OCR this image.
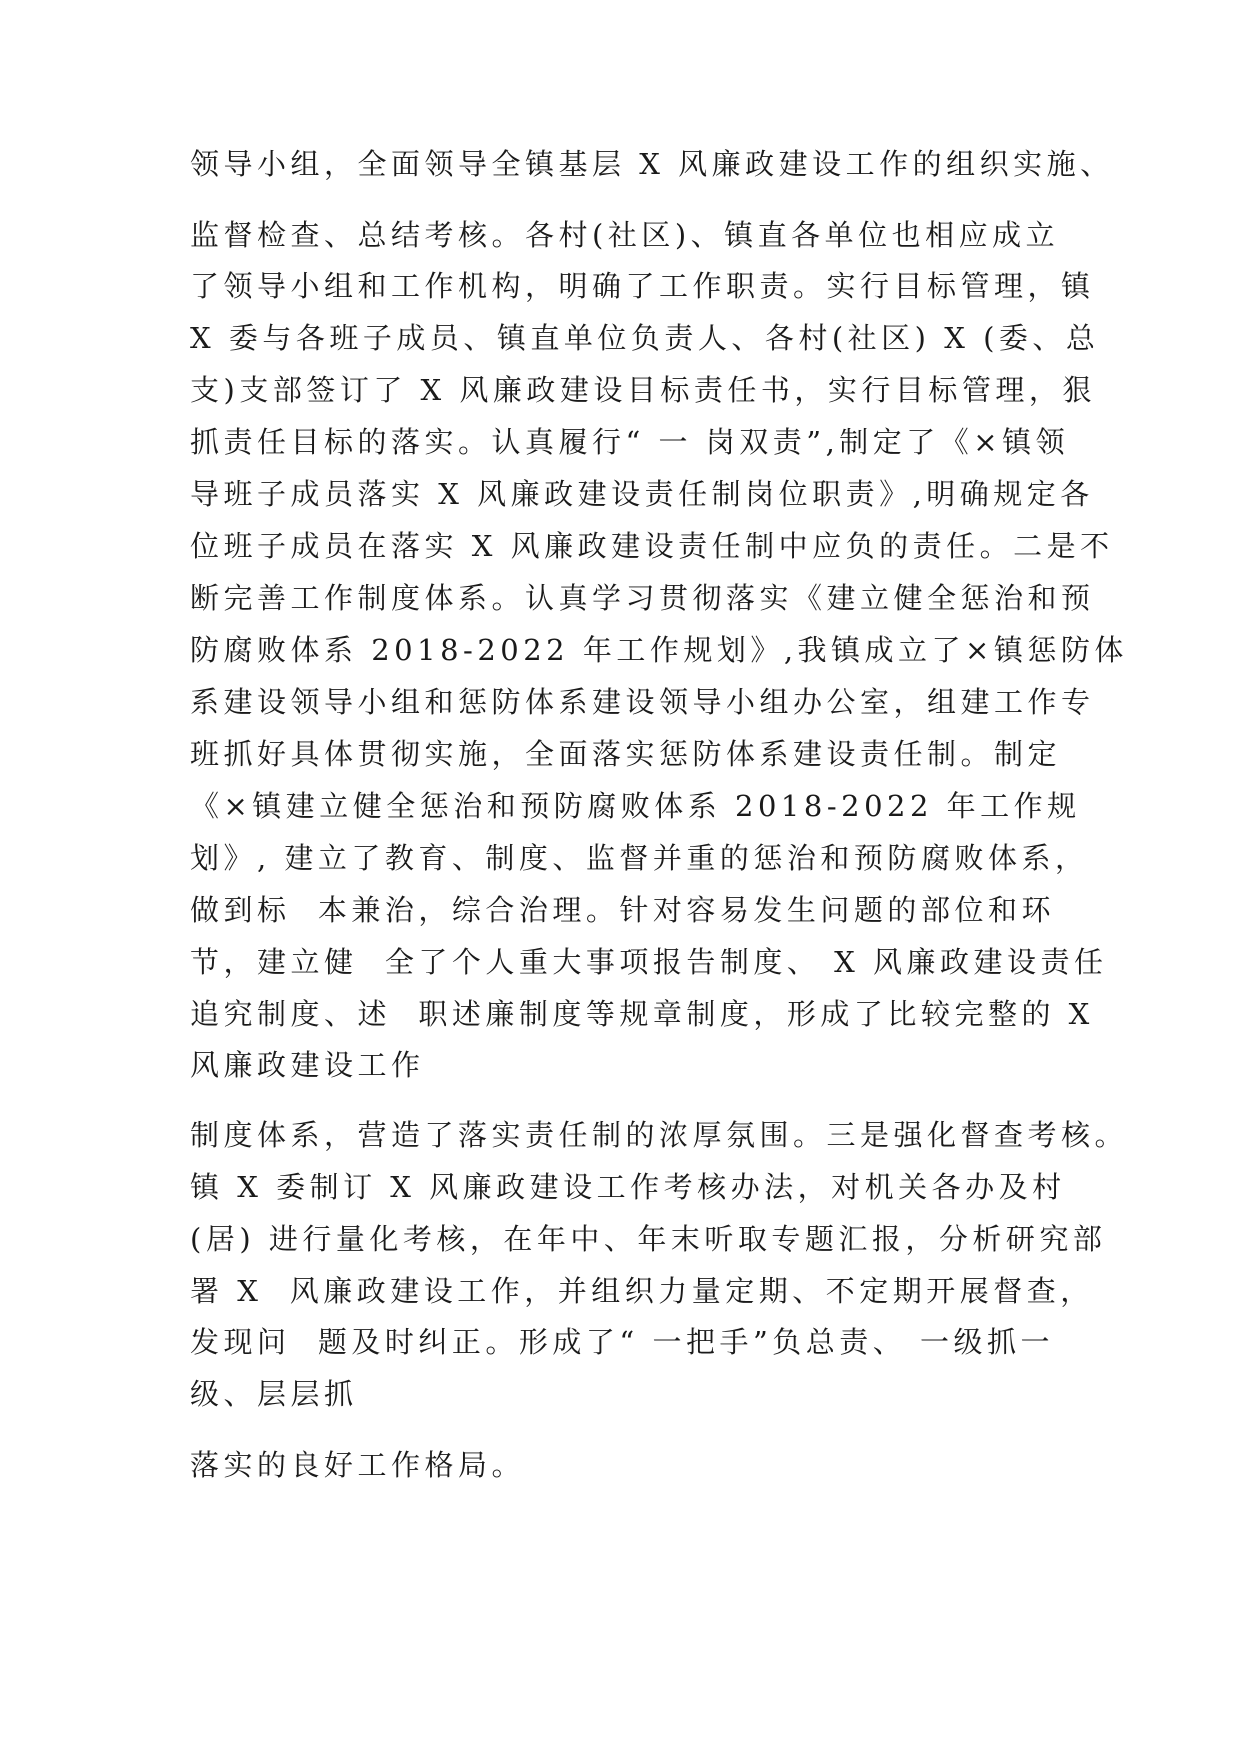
领导小组，全面领导全镇基层 X 风廉政建设工作的组织实施、
监督检查、总结考核。各村(社区)、镇直各单位也相应成立
了领导小组和工作机构，明确了工作职责。实行目标管理，镇
X 委与各班子成员、镇直单位负责人、各村(社区) X (委、总
支)支部签订了 X 风廉政建设目标责任书，实行目标管理，狠
抓责任目标的落实。认真履行“ 一 岗双责”,制定了《×镇领
导班子成员落实 X 风廉政建设责任制岗位职责》,明确规定各
位班子成员在落实 X 风廉政建设责任制中应负的责任。二是不
断完善工作制度体系。认真学习贯彻落实《建立健全惩治和预
防腐败体系 2018-2022 年工作规划》,我镇成立了×镇惩防体
系建设领导小组和惩防体系建设领导小组办公室，组建工作专
班抓好具体贯彻实施，全面落实惩防体系建设责任制。制定
《×镇建立健全惩治和预防腐败体系 2018-2022 年工作规
划》, 建立了教育、制度、监督并重的惩治和预防腐败体系，
做到标  本兼治，综合治理。针对容易发生问题的部位和环
节，建立健  全了个人重大事项报告制度、 X 风廉政建设责任
追究制度、述  职述廉制度等规章制度，形成了比较完整的 X
风廉政建设工作
制度体系，营造了落实责任制的浓厚氛围。三是强化督查考核。
镇 X 委制订 X 风廉政建设工作考核办法，对机关各办及村
(居) 进行量化考核，在年中、年末听取专题汇报，分析研究部
署 X  风廉政建设工作，并组织力量定期、不定期开展督查，
发现问  题及时纠正。形成了“ 一把手”负总责、 一级抓一
级、层层抓
落实的良好工作格局。
